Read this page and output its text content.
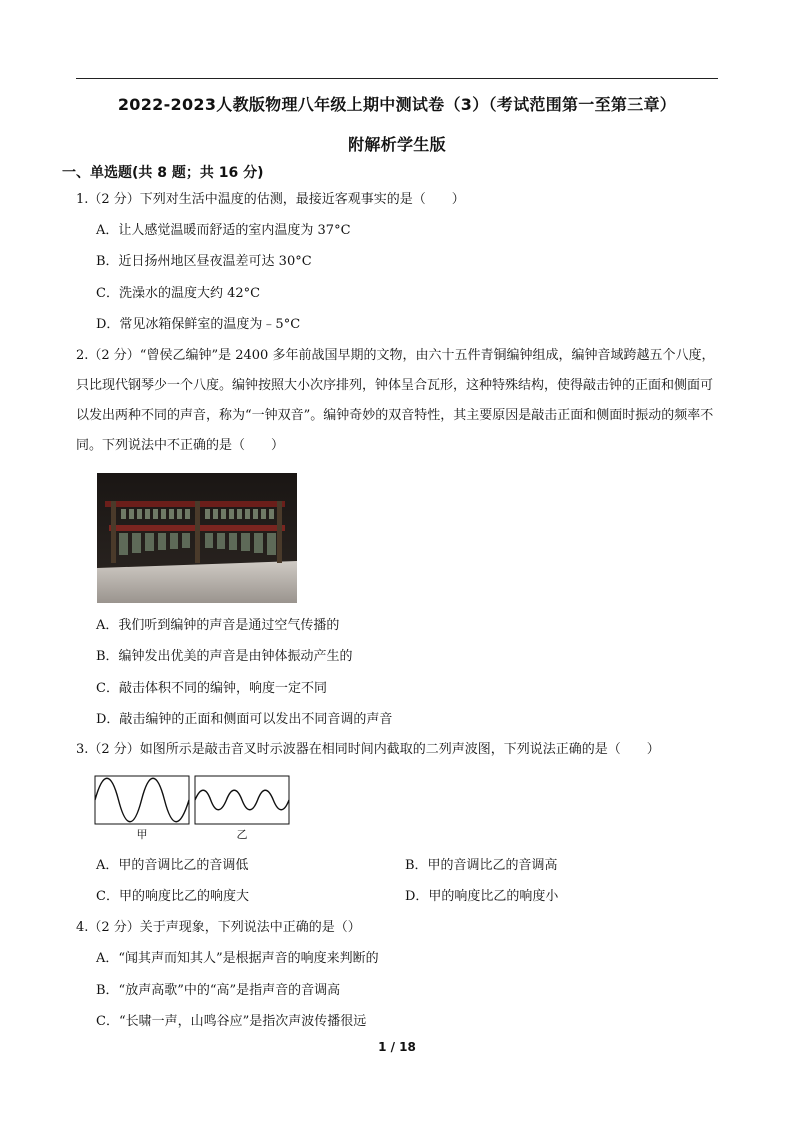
2022-2023人教版物理八年级上期中测试卷（3）（考试范围第一至第三章）
附解析学生版
一、单选题(共 8 题；共 16 分)
1.（2 分）下列对生活中温度的估测，最接近客观事实的是（　　）
A．让人感觉温暖而舒适的室内温度为 37°C
B．近日扬州地区昼夜温差可达 30°C
C．洗澡水的温度大约 42°C
D．常见冰箱保鲜室的温度为﹣5°C
2.（2 分）“曾侯乙编钟”是 2400 多年前战国早期的文物，由六十五件青铜编钟组成，编钟音域跨越五个八度，只比现代钢琴少一个八度。编钟按照大小次序排列，钟体呈合瓦形，这种特殊结构，使得敲击钟的正面和侧面可以发出两种不同的声音，称为“一钟双音”。编钟奇妙的双音特性，其主要原因是敲击正面和侧面时振动的频率不同。下列说法中不正确的是（　　）
A．我们听到编钟的声音是通过空气传播的
B．编钟发出优美的声音是由钟体振动产生的
C．敲击体积不同的编钟，响度一定不同
D．敲击编钟的正面和侧面可以发出不同音调的声音
3.（2 分）如图所示是敲击音叉时示波器在相同时间内截取的二列声波图，下列说法正确的是（　　）
甲	乙
A．甲的音调比乙的音调低	B．甲的音调比乙的音调高
C．甲的响度比乙的响度大	D．甲的响度比乙的响度小
4.（2 分）关于声现象，下列说法中正确的是（）
A．“闻其声而知其人”是根据声音的响度来判断的
B．“放声高歌”中的“高”是指声音的音调高
C．“长啸一声，山鸣谷应”是指次声波传播很远
1 / 18
